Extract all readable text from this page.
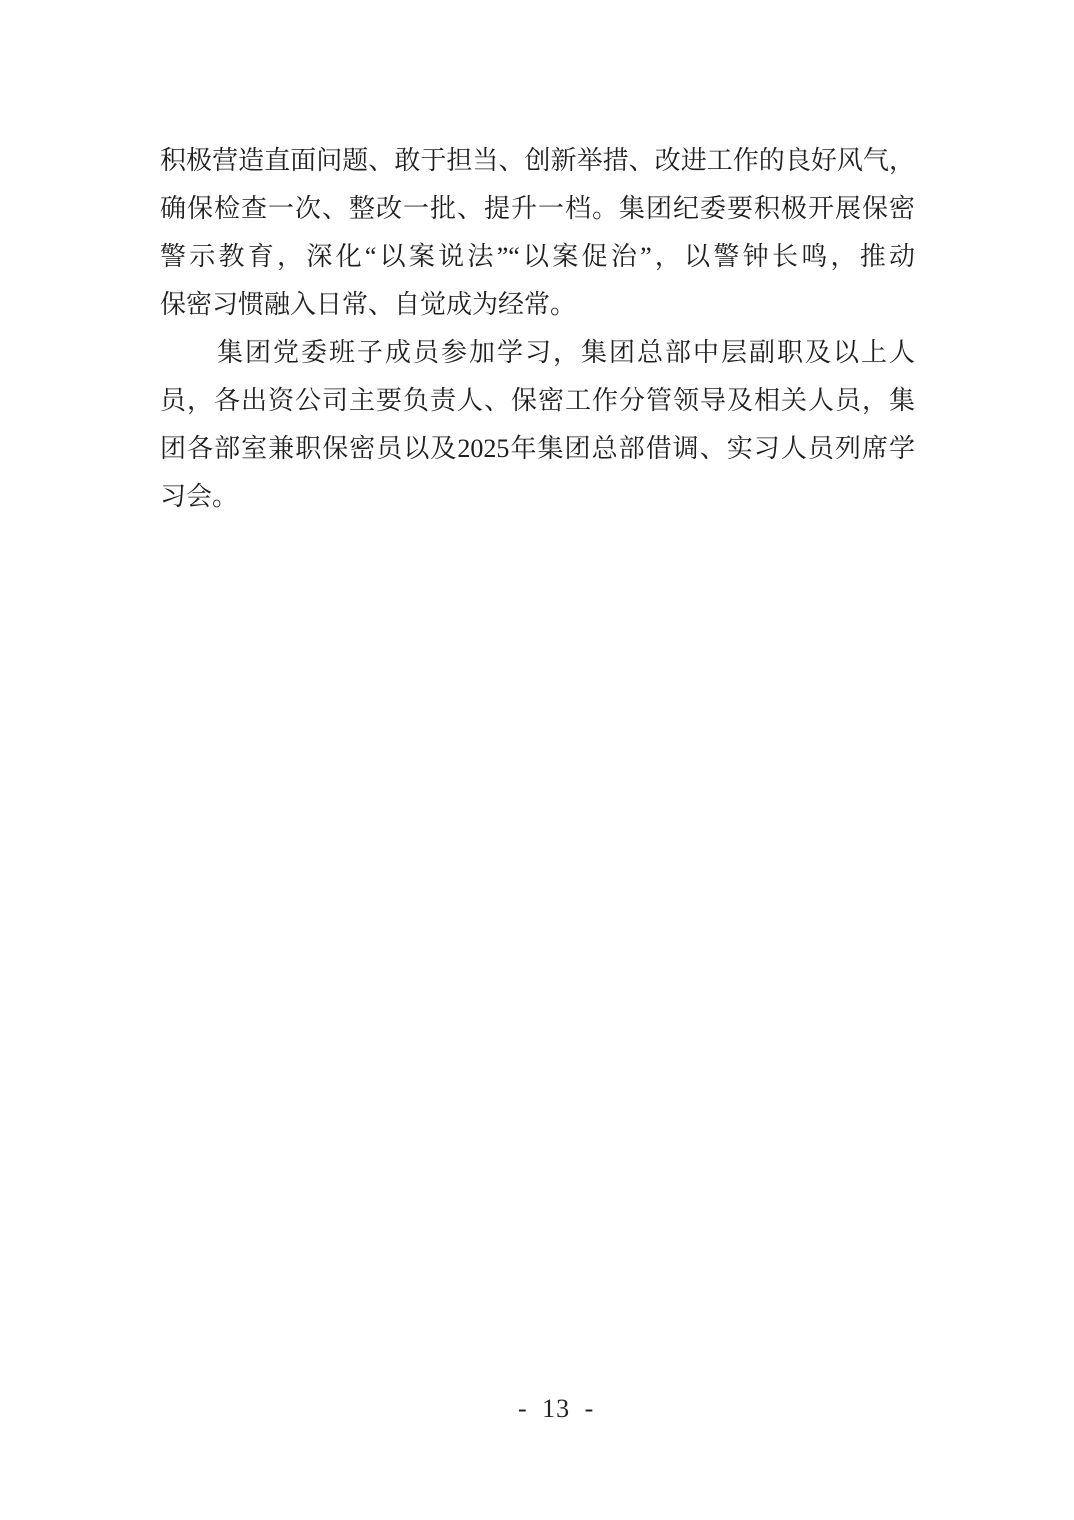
积极营造直面问题、敢于担当、创新举措、改进工作的良好风气，
确保检查一次、整改一批、提升一档。集团纪委要积极开展保密
警示教育，深化“以案说法”“以案促治”，以警钟长鸣，推动
保密习惯融入日常、自觉成为经常。
集团党委班子成员参加学习，集团总部中层副职及以上人
员，各出资公司主要负责人、保密工作分管领导及相关人员，集
团各部室兼职保密员以及2025年集团总部借调、实习人员列席学
习会。
- 13 -
